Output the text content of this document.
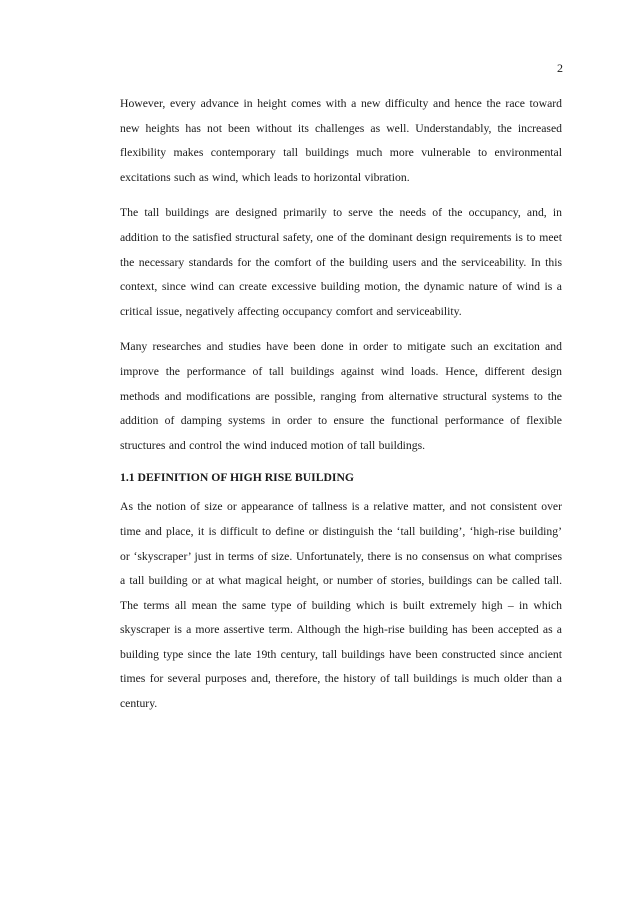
2

However, every advance in height comes with a new difficulty and hence the race toward new heights has not been without its challenges as well. Understandably, the increased flexibility makes contemporary tall buildings much more vulnerable to environmental excitations such as wind, which leads to horizontal vibration.

The tall buildings are designed primarily to serve the needs of the occupancy, and, in addition to the satisfied structural safety, one of the dominant design requirements is to meet the necessary standards for the comfort of the building users and the serviceability. In this context, since wind can create excessive building motion, the dynamic nature of wind is a critical issue, negatively affecting occupancy comfort and serviceability.

Many researches and studies have been done in order to mitigate such an excitation and improve the performance of tall buildings against wind loads. Hence, different design methods and modifications are possible, ranging from alternative structural systems to the addition of damping systems in order to ensure the functional performance of flexible structures and control the wind induced motion of tall buildings.

1.1 DEFINITION OF HIGH RISE BUILDING

As the notion of size or appearance of tallness is a relative matter, and not consistent over time and place, it is difficult to define or distinguish the ‘tall building’, ‘high-rise building’ or ‘skyscraper’ just in terms of size. Unfortunately, there is no consensus on what comprises a tall building or at what magical height, or number of stories, buildings can be called tall. The terms all mean the same type of building which is built extremely high – in which skyscraper is a more assertive term. Although the high-rise building has been accepted as a building type since the late 19th century, tall buildings have been constructed since ancient times for several purposes and, therefore, the history of tall buildings is much older than a century.
